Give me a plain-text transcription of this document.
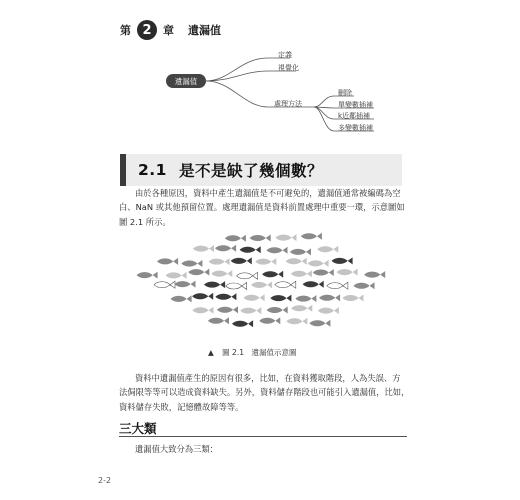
第 2	章 遺漏值
遺漏值
定義
視覺化
處理方法
刪除
單變數插補
k近鄰插補
多變數插補
2.1 是不是缺了幾個數？
由於各種原因，資料中產生遺漏值是不可避免的，遺漏值通常被編碼為空
白、NaN 或其他預留位置。處理遺漏值是資料前置處理中重要一環，示意圖如
圖 2.1 所示。
▲ 圖 2.1　遺漏值示意圖
資料中遺漏值產生的原因有很多，比如，在資料獲取階段，人為失誤、方
法侷限等等可以造成資料缺失。另外，資料儲存階段也可能引入遺漏值，比如，
資料儲存失敗，記憶體故障等等。
三大類
遺漏值大致分為三類：
2-2
